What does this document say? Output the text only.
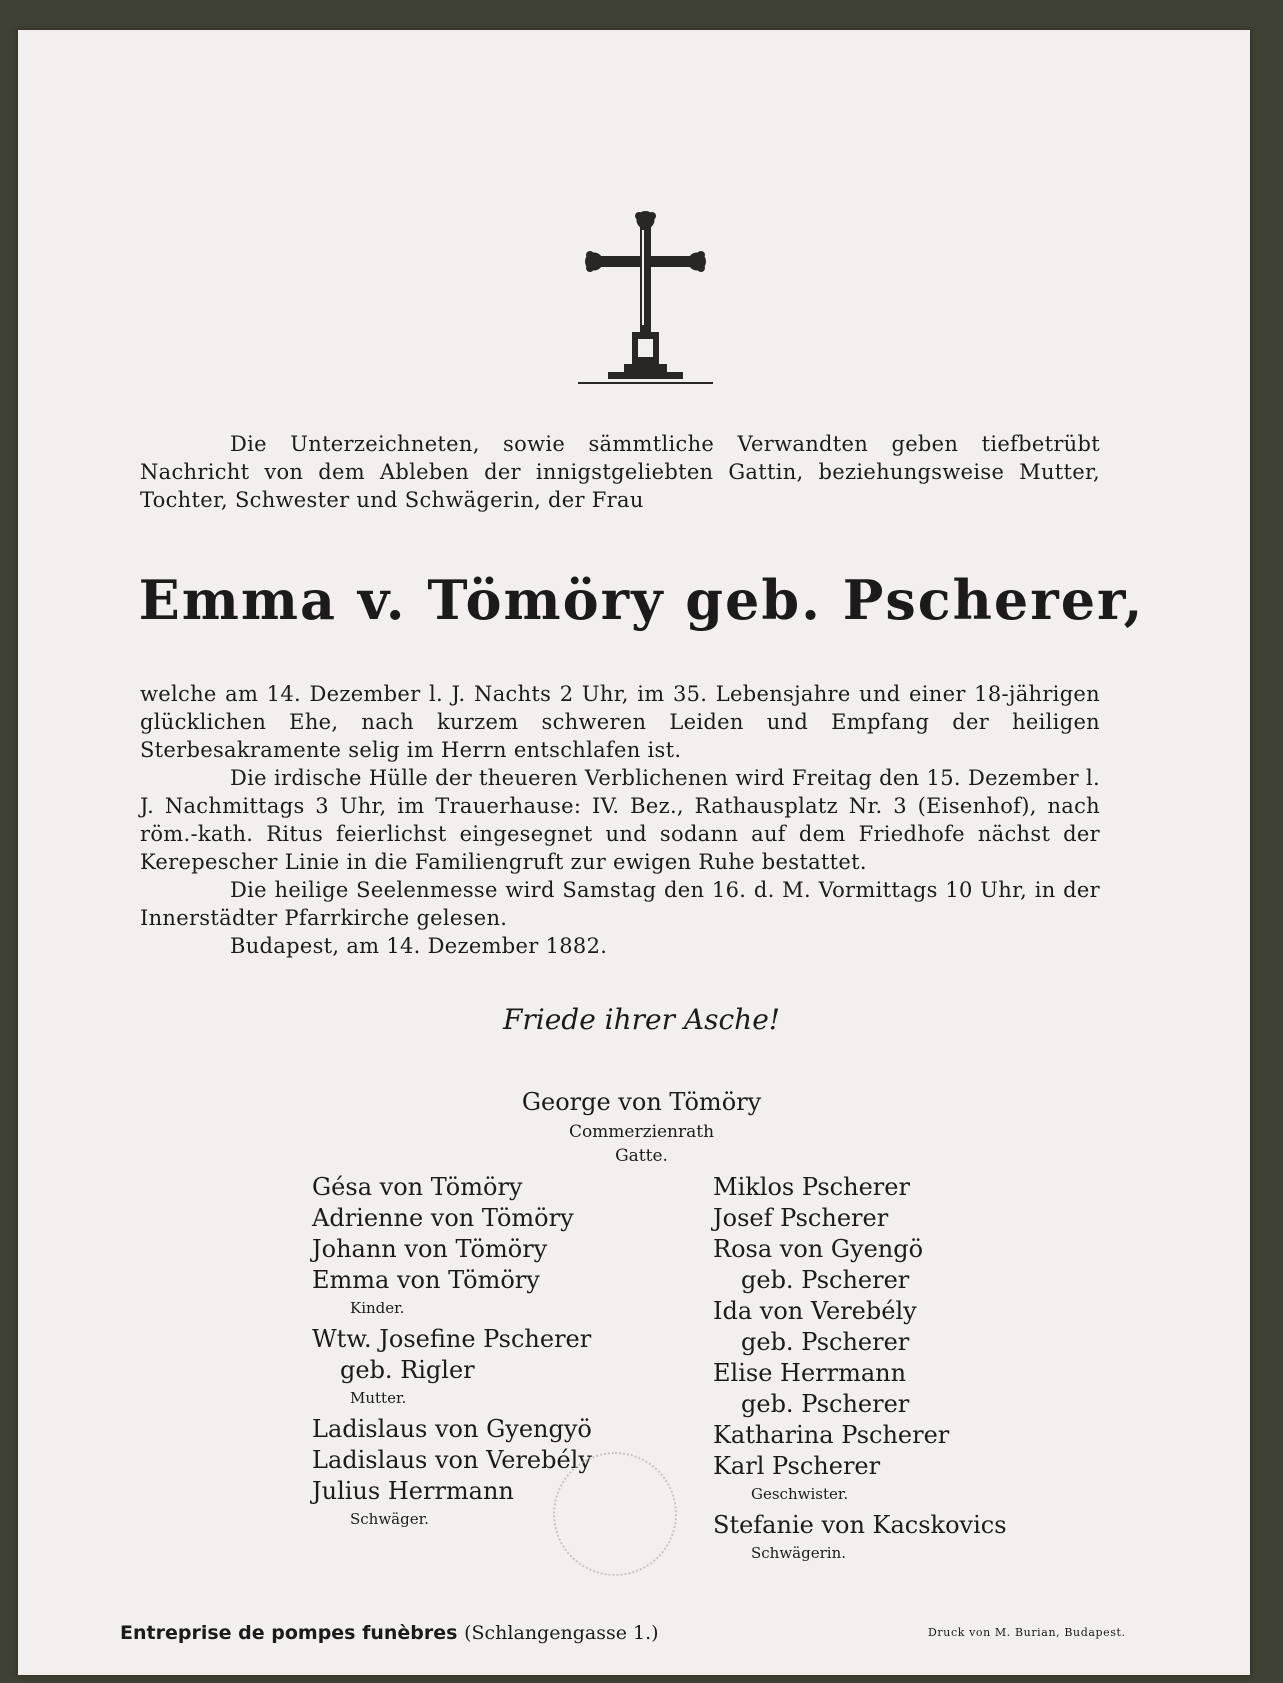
Die Unterzeichneten, sowie sämmtliche Verwandten geben tiefbetrübt Nachricht von dem Ableben der innigstgeliebten Gattin, beziehungsweise Mutter, Tochter, Schwester und Schwägerin, der Frau
Emma v. Tömöry geb. Pscherer,

welche am 14. Dezember l. J. Nachts 2 Uhr, im 35. Lebensjahre und einer 18-jährigen glücklichen Ehe, nach kurzem schweren Leiden und Empfang der heiligen Sterbesakramente selig im Herrn entschlafen ist.

Die irdische Hülle der theueren Verblichenen wird Freitag den 15. Dezember l. J. Nachmittags 3 Uhr, im Trauerhause: IV. Bez., Rathausplatz Nr. 3 (Eisenhof), nach röm.-kath. Ritus feierlichst eingesegnet und sodann auf dem Friedhofe nächst der Kerepescher Linie in die Familiengruft zur ewigen Ruhe bestattet.

Die heilige Seelenmesse wird Samstag den 16. d. M. Vormittags 10 Uhr, in der Innerstädter Pfarrkirche gelesen.

Budapest, am 14. Dezember 1882.

Friede ihrer Asche!
George von Tömöry
Commerzienrath
Gatte.
Gésa von Tömöry
Adrienne von Tömöry
Johann von Tömöry
Emma von Tömöry
Kinder.
Wtw. Josefine Pscherer
geb. Rigler
Mutter.
Ladislaus von Gyengyö
Ladislaus von Verebély
Julius Herrmann
Schwäger.
Miklos Pscherer
Josef Pscherer
Rosa von Gyengö
geb. Pscherer
Ida von Verebély
geb. Pscherer
Elise Herrmann
geb. Pscherer
Katharina Pscherer
Karl Pscherer
Geschwister.
Stefanie von Kacskovics
Schwägerin.
Entreprise de pompes funèbres (Schlangengasse 1.)	Druck von M. Burian, Budapest.
